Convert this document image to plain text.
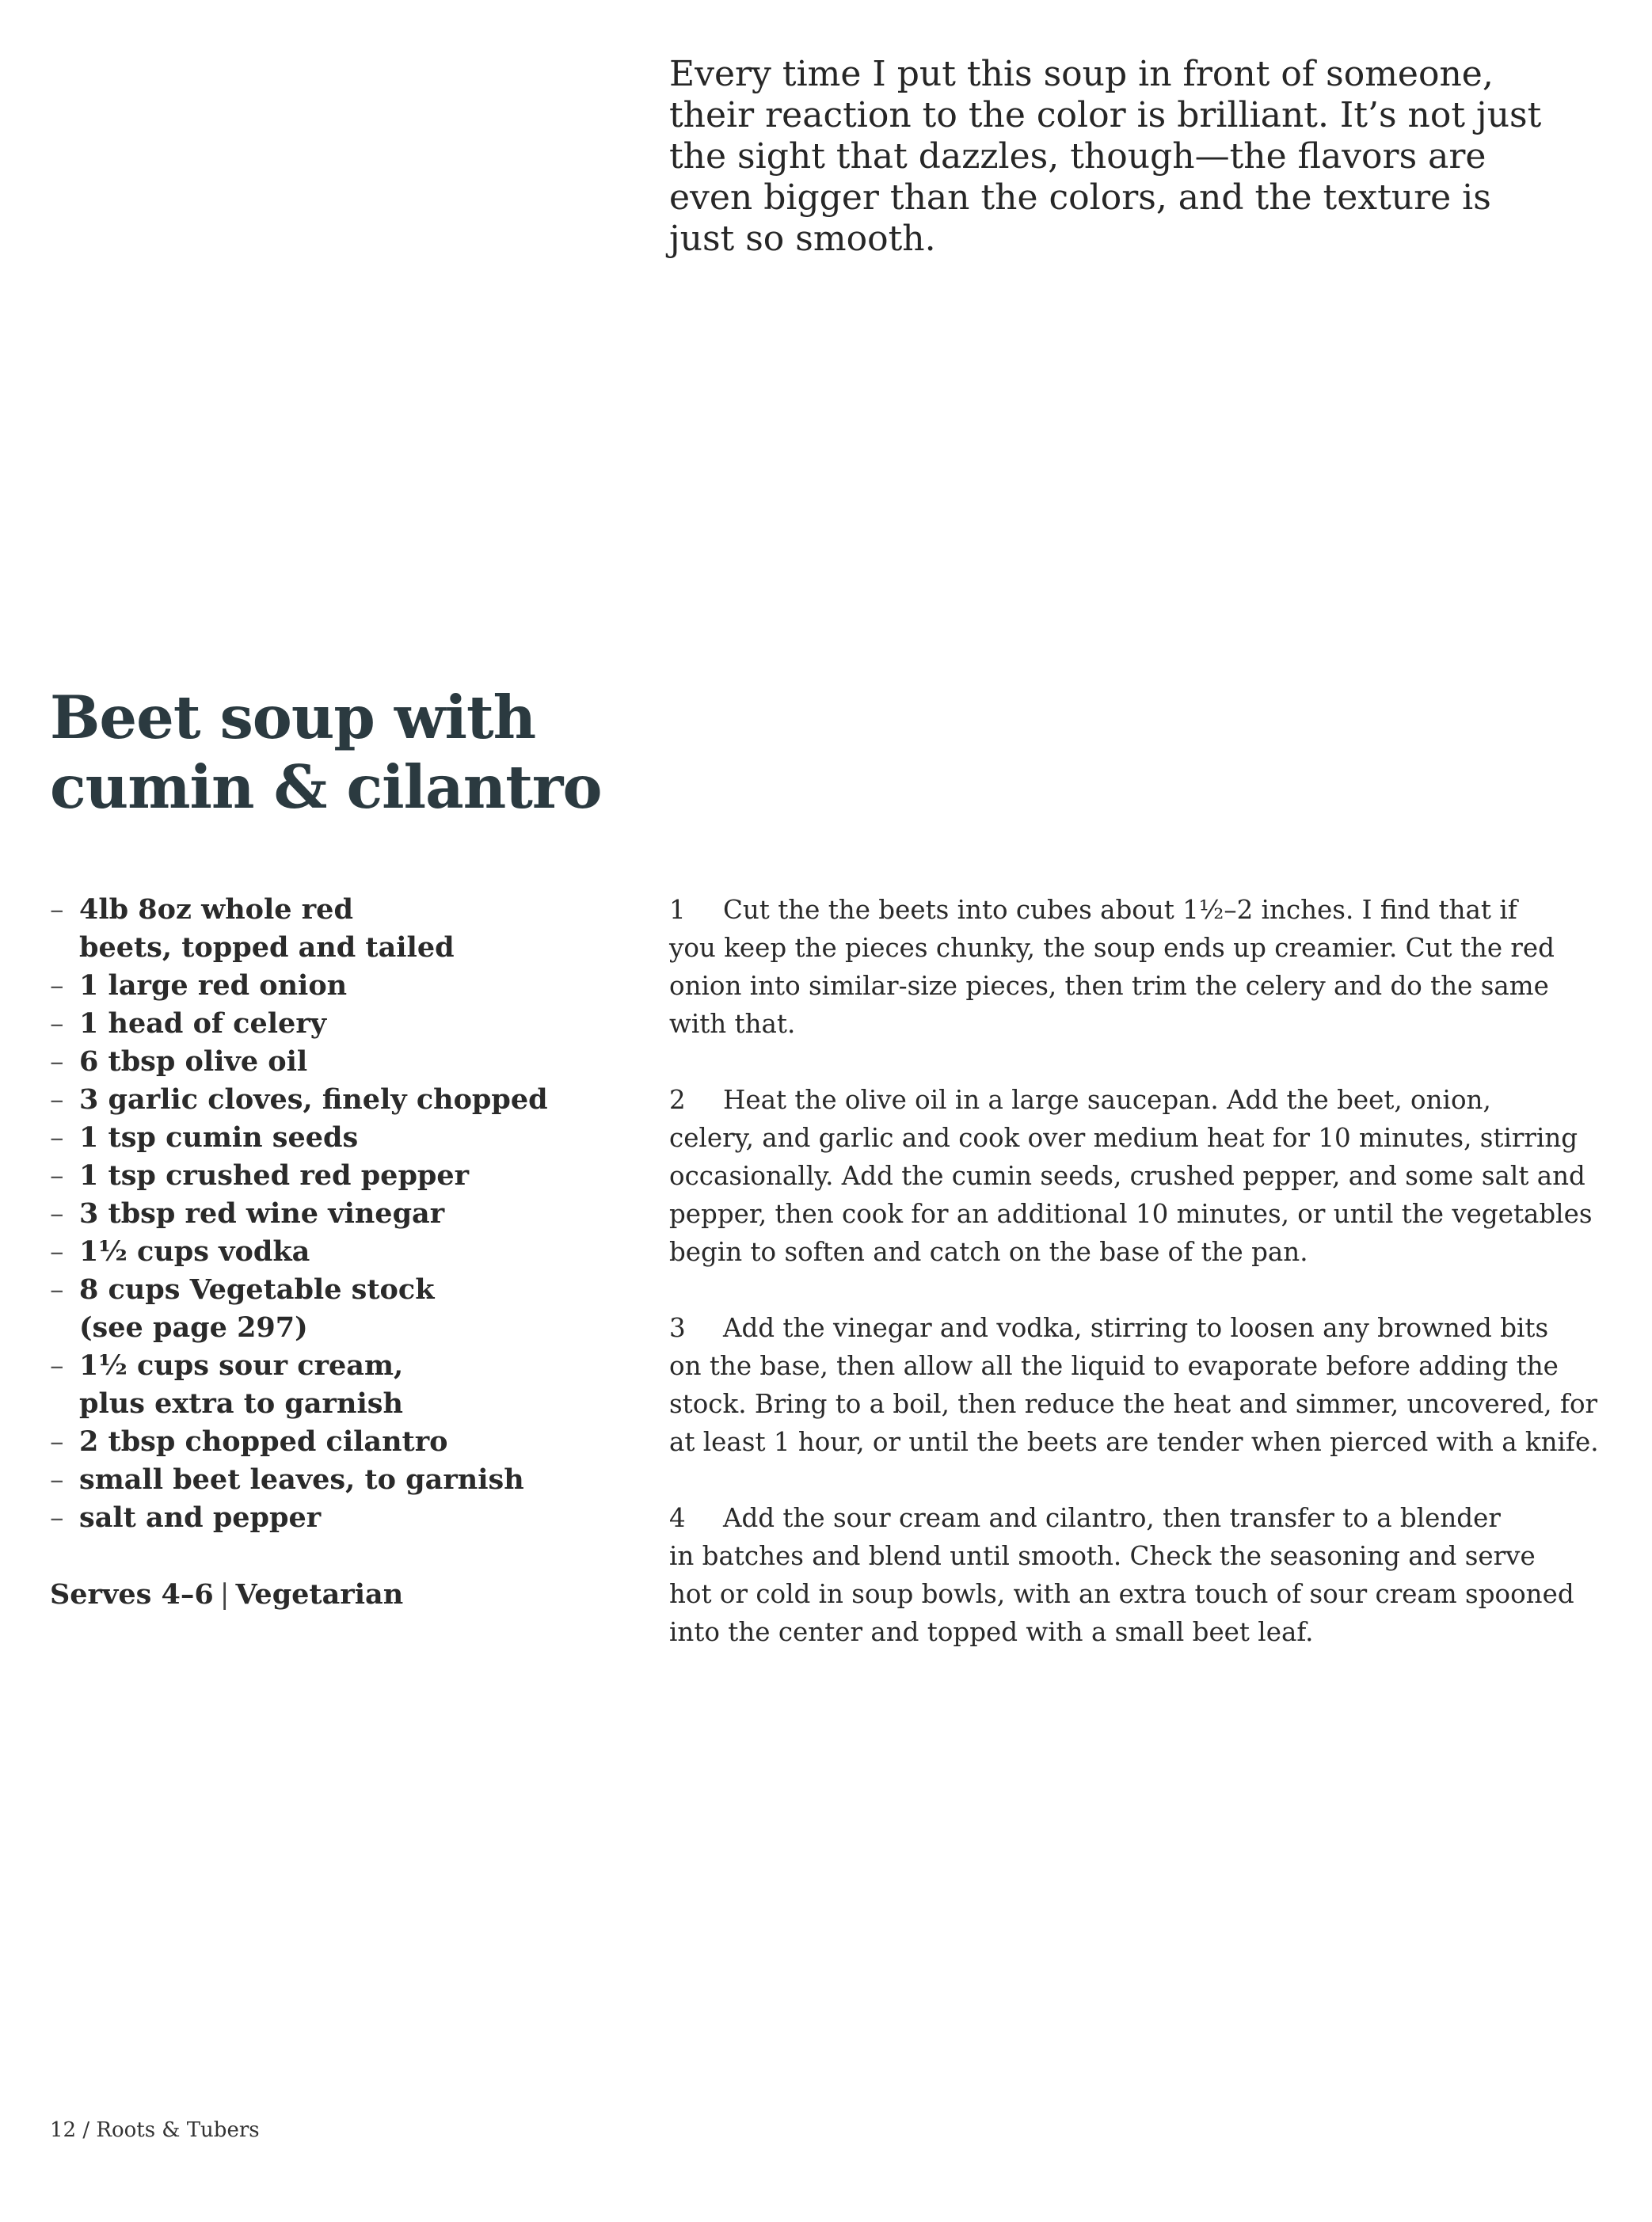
Every time I put this soup in front of someone,
their reaction to the color is brilliant. It’s not just
the sight that dazzles, though—the flavors are
even bigger than the colors, and the texture is
just so smooth.

Beet soup with
cumin & cilantro
– 4lb 8oz whole red
beets, topped and tailed
– 1 large red onion
– 1 head of celery
– 6 tbsp olive oil
– 3 garlic cloves, finely chopped
– 1 tsp cumin seeds
– 1 tsp crushed red pepper
– 3 tbsp red wine vinegar
– 1½ cups vodka
– 8 cups Vegetable stock
(see page 297)
– 1½ cups sour cream,
plus extra to garnish
– 2 tbsp chopped cilantro
– small beet leaves, to garnish
– salt and pepper
Serves 4–6 | Vegetarian
1 Cut the the beets into cubes about 1½–2 inches. I find that if
you keep the pieces chunky, the soup ends up creamier. Cut the red
onion into similar-size pieces, then trim the celery and do the same
with that.
2 Heat the olive oil in a large saucepan. Add the beet, onion,
celery, and garlic and cook over medium heat for 10 minutes, stirring
occasionally. Add the cumin seeds, crushed pepper, and some salt and
pepper, then cook for an additional 10 minutes, or until the vegetables
begin to soften and catch on the base of the pan.
3 Add the vinegar and vodka, stirring to loosen any browned bits
on the base, then allow all the liquid to evaporate before adding the
stock. Bring to a boil, then reduce the heat and simmer, uncovered, for
at least 1 hour, or until the beets are tender when pierced with a knife.
4 Add the sour cream and cilantro, then transfer to a blender
in batches and blend until smooth. Check the seasoning and serve
hot or cold in soup bowls, with an extra touch of sour cream spooned
into the center and topped with a small beet leaf.
12 / Roots & Tubers
